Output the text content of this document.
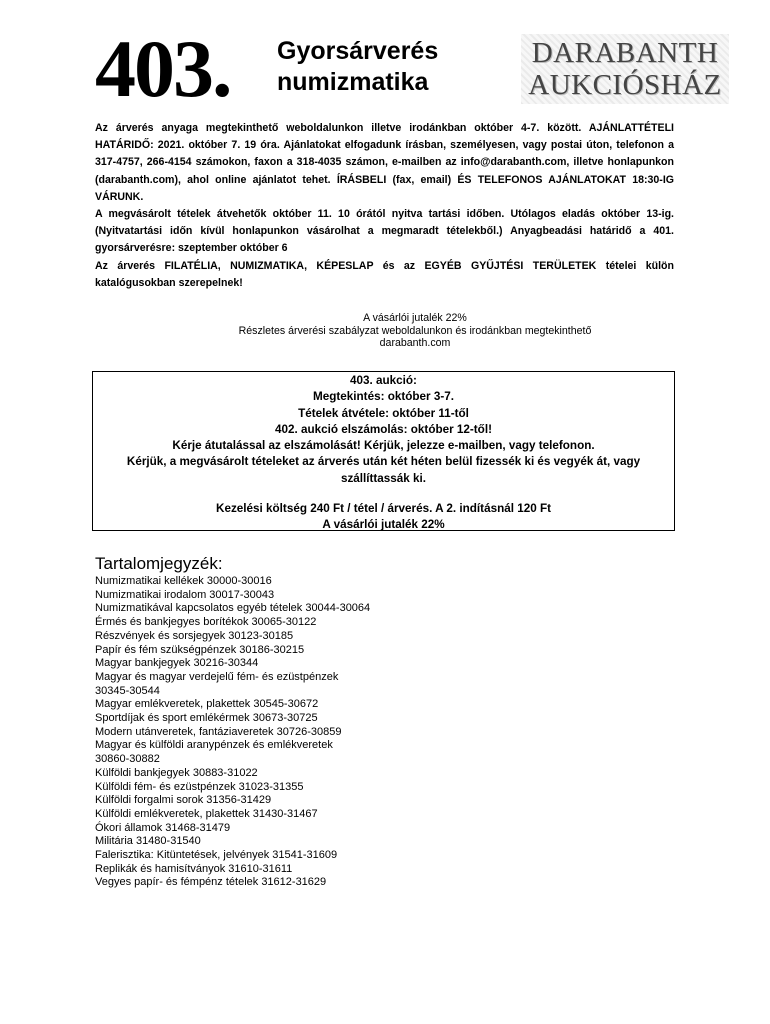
403. Gyorsárverés
numizmatika
DARABANTH
AUKCIÓSHÁZ

Az árverés anyaga megtekinthető weboldalunkon illetve irodánkban október 4-7. között. AJÁNLATTÉTELI HATÁRIDŐ: 2021. október 7. 19 óra. Ajánlatokat elfogadunk írásban, személyesen, vagy postai úton, telefonon a 317-4757, 266-4154 számokon, faxon a 318-4035 számon, e-mailben az info@darabanth.com, illetve honlapunkon (darabanth.com), ahol online ajánlatot tehet. ÍRÁSBELI (fax, email) ÉS TELEFONOS AJÁNLATOKAT 18:30-IG VÁRUNK.

A megvásárolt tételek átvehetők október 11. 10 órától nyitva tartási időben. Utólagos eladás október 13-ig. (Nyitvatartási időn kívül honlapunkon vásárolhat a megmaradt tételekből.) Anyagbeadási határidő a 401. gyorsárverésre: szeptember október 6

Az árverés FILATÉLIA, NUMIZMATIKA, KÉPESLAP és az EGYÉB GYŰJTÉSI TERÜLETEK tételei külön katalógusokban szerepelnek!

A vásárlói jutalék 22%
Részletes árverési szabályzat weboldalunkon és irodánkban megtekinthető
darabanth.com
403. aukció:
Megtekintés: október 3-7.
Tételek átvétele: október 11-től
402. aukció elszámolás: október 12-től!
Kérje átutalással az elszámolását! Kérjük, jelezze e-mailben, vagy telefonon.
Kérjük, a megvásárolt tételeket az árverés után két héten belül fizessék ki és vegyék át, vagy
szállíttassák ki.
Kezelési költség 240 Ft / tétel / árverés. A 2. indításnál 120 Ft
A vásárlói jutalék 22%
Tartalomjegyzék:
Numizmatikai kellékek 30000-30016
Numizmatikai irodalom 30017-30043
Numizmatikával kapcsolatos egyéb tételek 30044-30064
Érmés és bankjegyes borítékok 30065-30122
Részvények és sorsjegyek 30123-30185
Papír és fém szükségpénzek 30186-30215
Magyar bankjegyek 30216-30344
Magyar és magyar verdejelű fém- és ezüstpénzek
30345-30544
Magyar emlékveretek, plakettek 30545-30672
Sportdíjak és sport emlékérmek 30673-30725
Modern utánveretek, fantáziaveretek 30726-30859
Magyar és külföldi aranypénzek és emlékveretek
30860-30882
Külföldi bankjegyek 30883-31022
Külföldi fém- és ezüstpénzek 31023-31355
Külföldi forgalmi sorok 31356-31429
Külföldi emlékveretek, plakettek 31430-31467
Ókori államok 31468-31479
Militária 31480-31540
Falerisztika: Kitüntetések, jelvények 31541-31609
Replikák és hamisítványok 31610-31611
Vegyes papír- és fémpénz tételek 31612-31629
